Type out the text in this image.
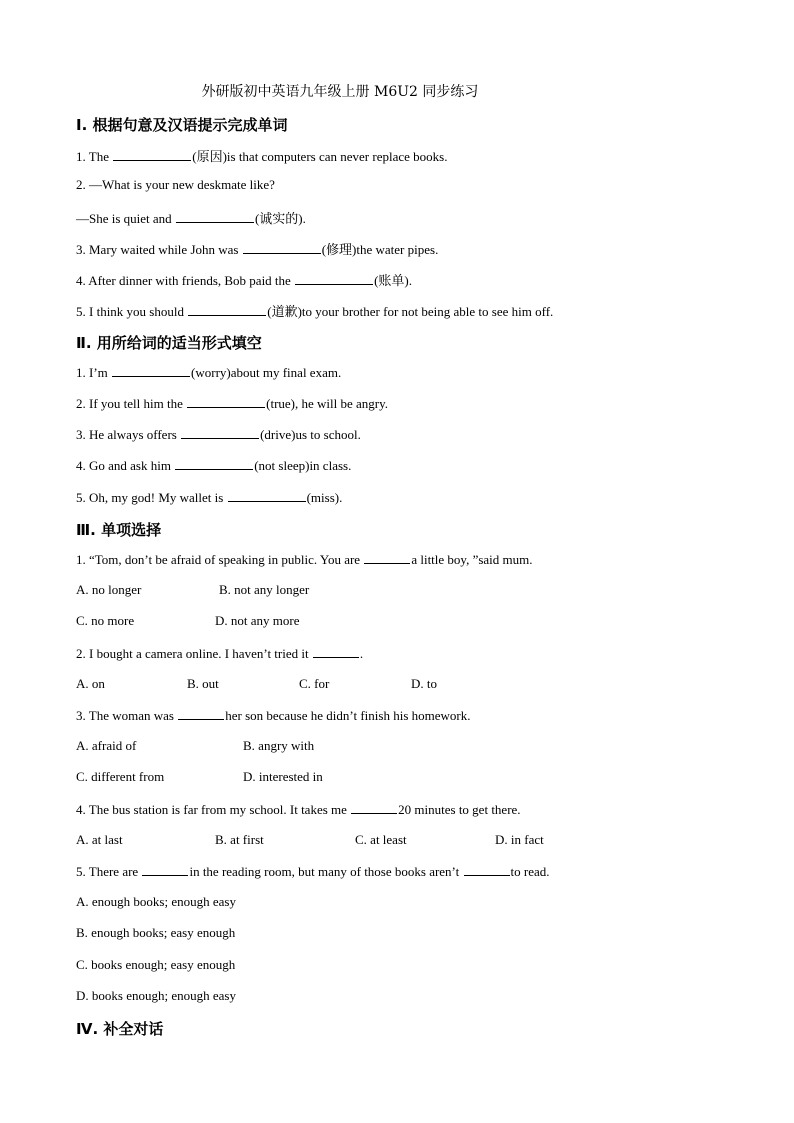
外研版初中英语九年级上册 M6U2 同步练习
Ⅰ. 根据句意及汉语提示完成单词
1. The	(原因)is that computers can never replace books.
2. —What is your new deskmate like?
—She is quiet and	(诚实的).
3. Mary waited while John was	(修理)the water pipes.
4. After dinner with friends, Bob paid the	(账单).
5. I think you should	(道歉)to your brother for not being able to see him off.
Ⅱ. 用所给词的适当形式填空
1. I’m	(worry)about my final exam.
2. If you tell him the	(true), he will be angry.
3. He always offers	(drive)us to school.
4. Go and ask him	(not sleep)in class.
5. Oh, my god! My wallet is	(miss).
Ⅲ. 单项选择
1. “Tom, don’t be afraid of speaking in public. You are	a little boy, ”said mum.
A. no longer	B. not any longer
C. no more	D. not any more
2. I bought a camera online. I haven’t tried it	.
A. on	B. out	C. for	D. to
3. The woman was	her son because he didn’t finish his homework.
A. afraid of	B. angry with
C. different from	D. interested in
4. The bus station is far from my school. It takes me	20 minutes to get there.
A. at last	B. at first	C. at least	D. in fact
5. There are	in the reading room, but many of those books aren’t	to read.
A. enough books; enough easy
B. enough books; easy enough
C. books enough; easy enough
D. books enough; enough easy
Ⅳ. 补全对话
